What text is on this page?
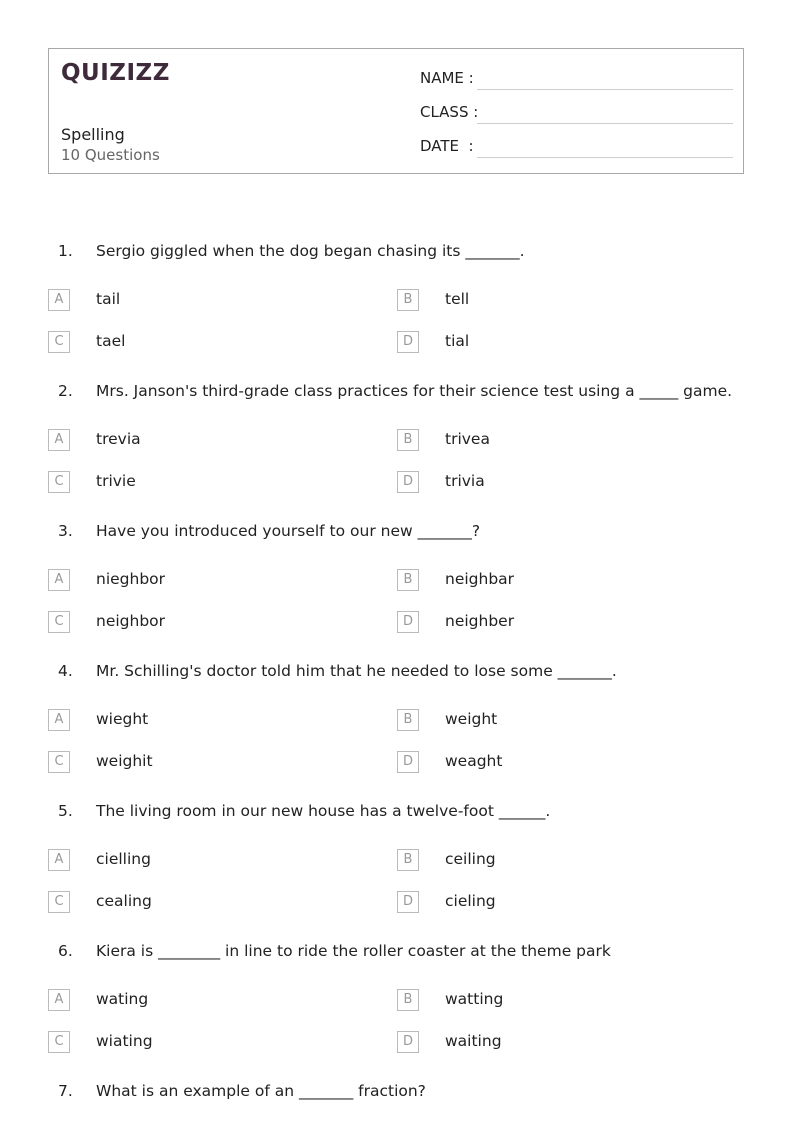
QUIZIZZ
Spelling
10 Questions
NAME :
CLASS :
DATE  :
1. Sergio giggled when the dog began chasing its _______.
A	tail	B	tell
C	tael	D	tial
2. Mrs. Janson's third-grade class practices for their science test using a _____ game.
A	trevia	B	trivea
C	trivie	D	trivia
3. Have you introduced yourself to our new _______?
A	nieghbor	B	neighbar
C	neighbor	D	neighber
4. Mr. Schilling's doctor told him that he needed to lose some _______.
A	wieght	B	weight
C	weighit	D	weaght
5. The living room in our new house has a twelve-foot ______.
A	cielling	B	ceiling
C	cealing	D	cieling
6. Kiera is ________ in line to ride the roller coaster at the theme park
A	wating	B	watting
C	wiating	D	waiting
7. What is an example of an _______ fraction?
